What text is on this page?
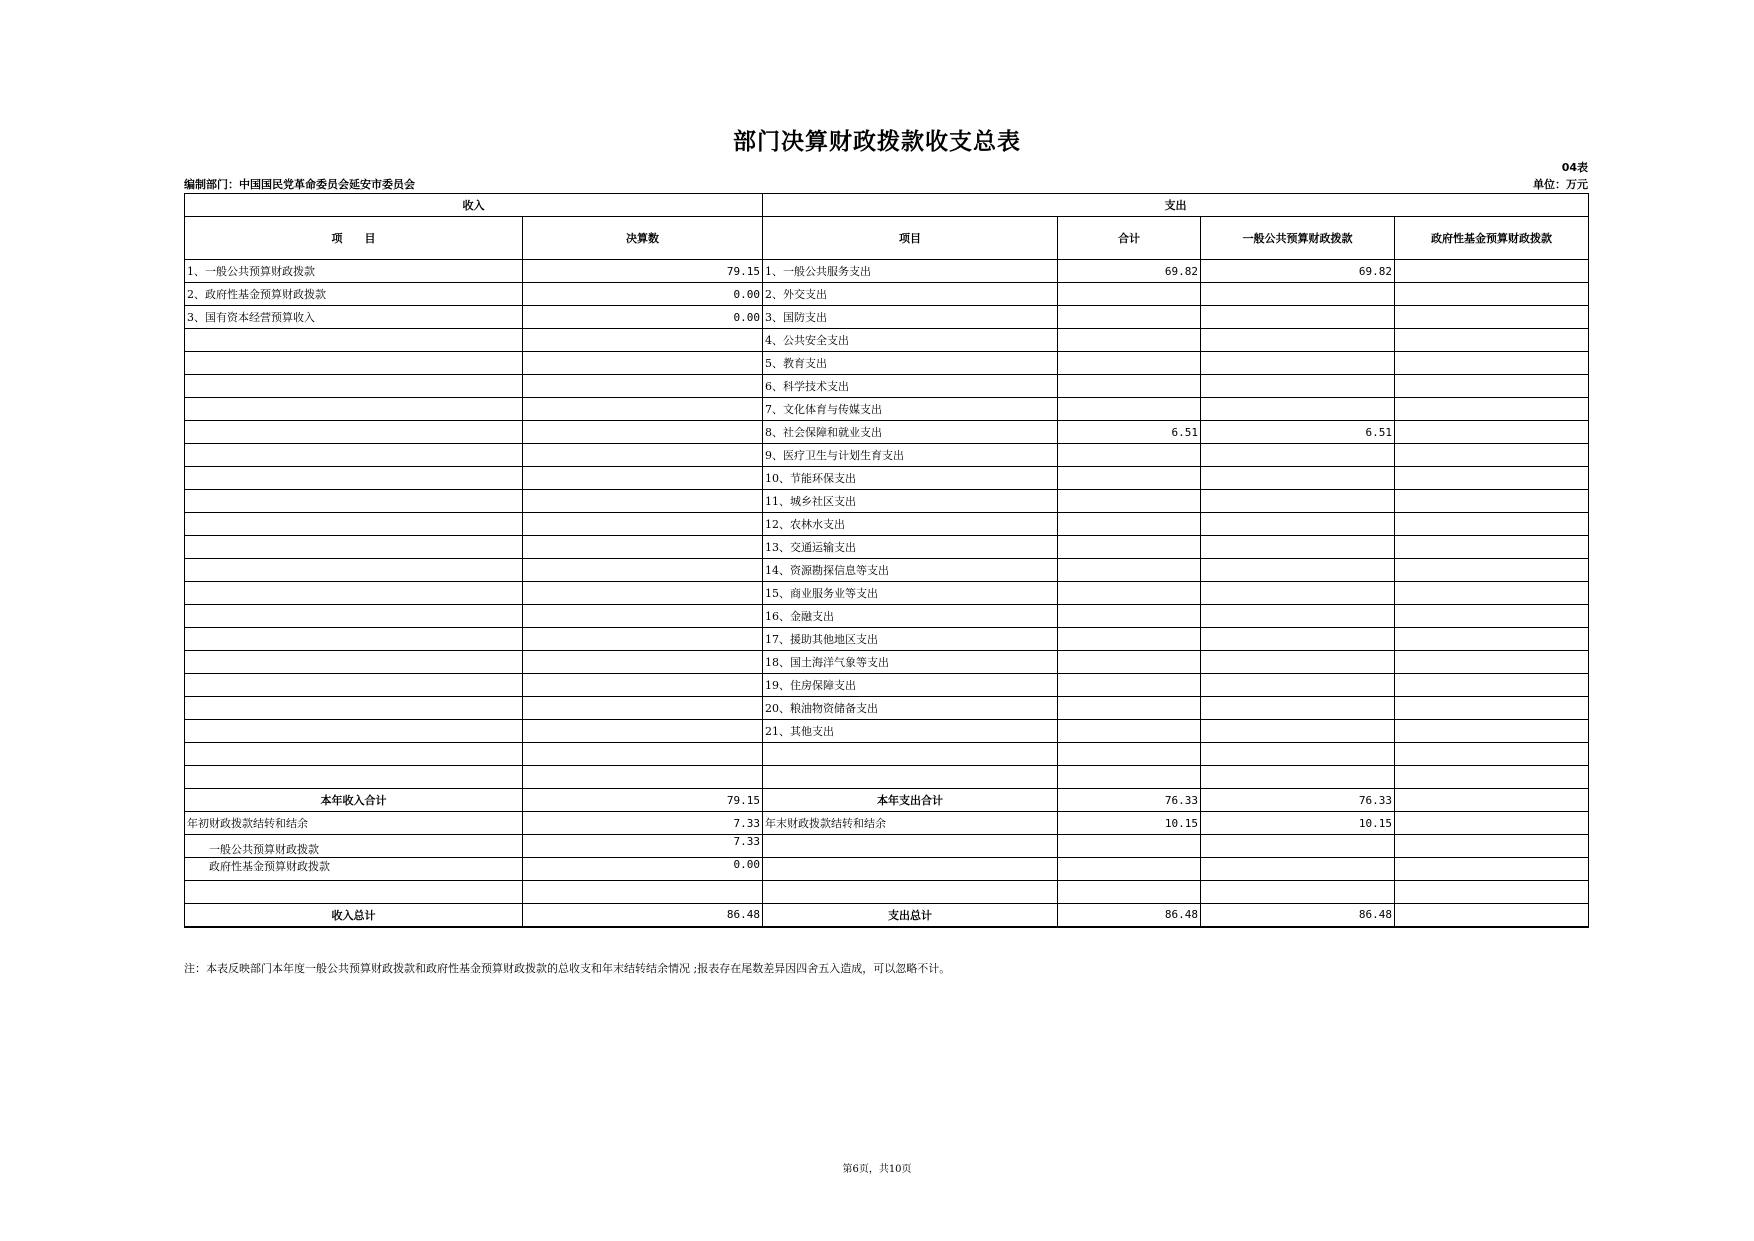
部门决算财政拨款收支总表
04表
编制部门：中国国民党革命委员会延安市委员会	单位：万元
收入		支出			
项　　目	决算数	项目	合计	一般公共预算财政拨款	政府性基金预算财政拨款
1、一般公共预算财政拨款	79.15	1、一般公共服务支出	69.82	69.82	
2、政府性基金预算财政拨款	0.00	2、外交支出			
3、国有资本经营预算收入	0.00	3、国防支出			
		4、公共安全支出			
		5、教育支出			
		6、科学技术支出			
		7、文化体育与传媒支出			
		8、社会保障和就业支出	6.51	6.51	
		9、医疗卫生与计划生育支出			
		10、节能环保支出			
		11、城乡社区支出			
		12、农林水支出			
		13、交通运输支出			
		14、资源勘探信息等支出			
		15、商业服务业等支出			
		16、金融支出			
		17、援助其他地区支出			
		18、国土海洋气象等支出			
		19、住房保障支出			
		20、粮油物资储备支出			
		21、其他支出			

本年收入合计	79.15	本年支出合计	76.33	76.33	
年初财政拨款结转和结余	7.33	年末财政拨款结转和结余	10.15	10.15	
一般公共预算财政拨款	7.33				
政府性基金预算财政拨款	0.00				

收入总计	86.48	支出总计	86.48	86.48	
注：本表反映部门本年度一般公共预算财政拨款和政府性基金预算财政拨款的总收支和年末结转结余情况 ;报表存在尾数差异因四舍五入造成，可以忽略不计。
第6页，共10页
